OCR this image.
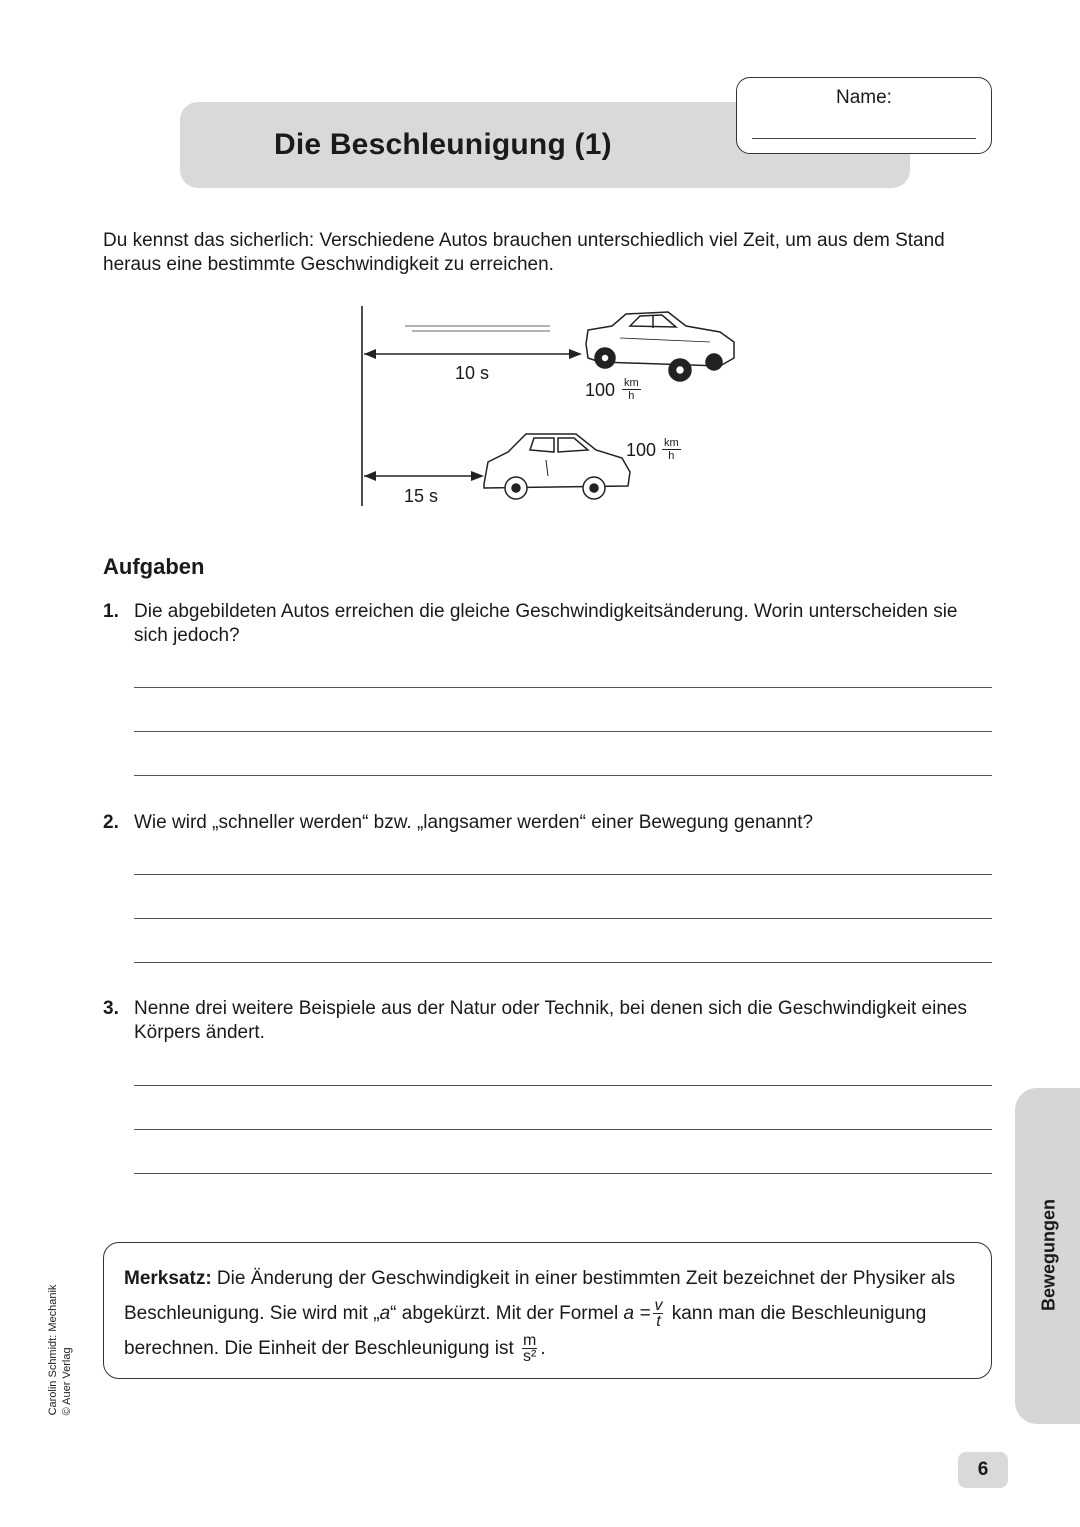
Die Beschleunigung (1)
Name:
Du kennst das sicherlich: Verschiedene Autos brauchen unterschiedlich viel Zeit, um aus dem Stand heraus eine bestimmte Geschwindigkeit zu erreichen.
10 s
15 s
$100 \frac{km}{h}$
$100 \frac{km}{h}$
Aufgaben
1. Die abgebildeten Autos erreichen die gleiche Geschwindigkeitsänderung. Worin unterscheiden sie sich jedoch?
2. Wie wird „schneller werden“ bzw. „langsamer werden“ einer Bewegung genannt?
3. Nenne drei weitere Beispiele aus der Natur oder Technik, bei denen sich die Geschwindigkeit eines Körpers ändert.
Merksatz: Die Änderung der Geschwindigkeit in einer bestimmten Zeit bezeichnet der Physiker als Beschleunigung. Sie wird mit „a“ abgekürzt. Mit der Formel $a = \frac{v}{t}$ kann man die Beschleunigung berechnen. Die Einheit der Beschleunigung ist $\frac{m}{\text{s²}}$ .
Bewegungen
Carolin Schmidt: Mechanik © Auer Verlag
6
